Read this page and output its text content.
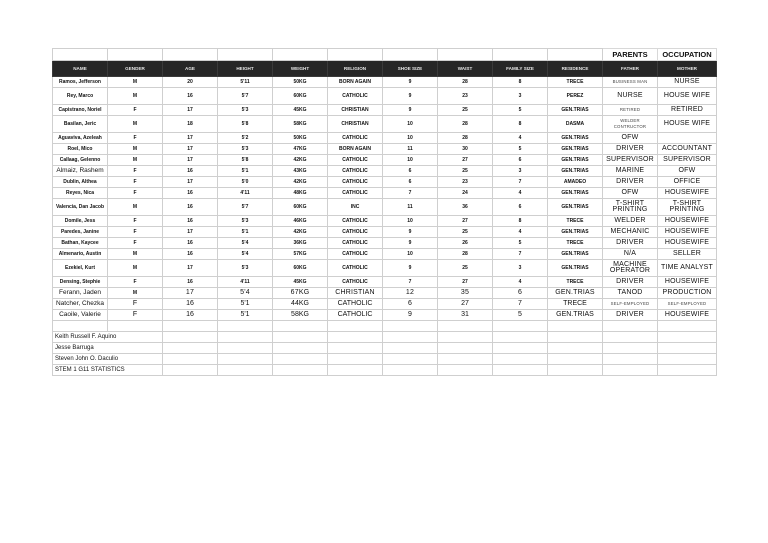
										PARENTS	OCCUPATION
NAME	GENDER	AGE	HEIGHT	WEIGHT	RELIGION	SHOE SIZE	WAIST	FAMILY SIZE	RESIDENCE	FATHER	MOTHER
Ramos, Jefferson	M	20	5'11	50KG	BORN AGAIN	9	28	8	TRECE	BUSINESS MAN	NURSE
Rey, Marco	M	16	5'7	60KG	CATHOLIC	9	23	3	PEREZ	NURSE	HOUSE WIFE
Capistrano, Noriel	F	17	5'3	45KG	CHRISTIAN	9	25	5	GEN.TRIAS	RETIRED	RETIRED
Basilan, Jeric	M	18	5'8	58KG	CHRISTIAN	10	28	8	DASMA	WELDER CONTRUCTOR	HOUSE WIFE
Aguaviva, Azeleah	F	17	5'2	50KG	CATHOLIC	10	28	4	GEN.TRIAS	OFW	
Roel, Mico	M	17	5'3	47KG	BORN AGAIN	11	30	5	GEN.TRIAS	DRIVER	ACCOUNTANT
Callaag, Gelenno	M	17	5'8	42KG	CATHOLIC	10	27	6	GEN.TRIAS	SUPERVISOR	SUPERVISOR
Almaiz, Rashem	F	16	5'1	43KG	CATHOLIC	6	25	3	GEN.TRIAS	MARINE	OFW
Dublin, Althea	F	17	5'0	42KG	CATHOLIC	6	23	7	AMADEO	DRIVER	OFFICE
Reyes, Nica	F	16	4'11	48KG	CATHOLIC	7	24	4	GEN.TRIAS	OFW	HOUSEWIFE
Valencia, Dan Jacob	M	16	5'7	60KG	INC	11	36	6	GEN.TRIAS	T-SHIRT PRINTING	T-SHIRT PRINTING
Domile, Jess	F	16	5'3	46KG	CATHOLIC	10	27	8	TRECE	WELDER	HOUSEWIFE
Paredes, Janine	F	17	5'1	42KG	CATHOLIC	9	25	4	GEN.TRIAS	MECHANIC	HOUSEWIFE
Bathan, Kaycee	F	16	5'4	36KG	CATHOLIC	9	26	5	TRECE	DRIVER	HOUSEWIFE
Almenario, Austin	M	16	5'4	57KG	CATHOLIC	10	28	7	GEN.TRIAS	N/A	SELLER
Ezekiel, Kurt	M	17	5'3	60KG	CATHOLIC	9	25	3	GEN.TRIAS	MACHINE OPERATOR	TIME ANALYST
Densing, Stephie	F	16	4'11	45KG	CATHOLIC	7	27	4	TRECE	DRIVER	HOUSEWIFE
Ferann, Jaden	M	17	5'4	67KG	CHRISTIAN	12	35	6	GEN.TRIAS	TANOD	PRODUCTION
Natcher, Chezka	F	16	5'1	44KG	CATHOLIC	6	27	7	TRECE	SELF-EMPLOYED	SELF-EMPLOYED
Caoile, Valerie	F	16	5'1	58KG	CATHOLIC	9	31	5	GEN.TRIAS	DRIVER	HOUSEWIFE

Keith Russell F. Aquino											
Jesse Barruga											
Steven John O. Daculio											
STEM 1 G11 STATISTICS											
